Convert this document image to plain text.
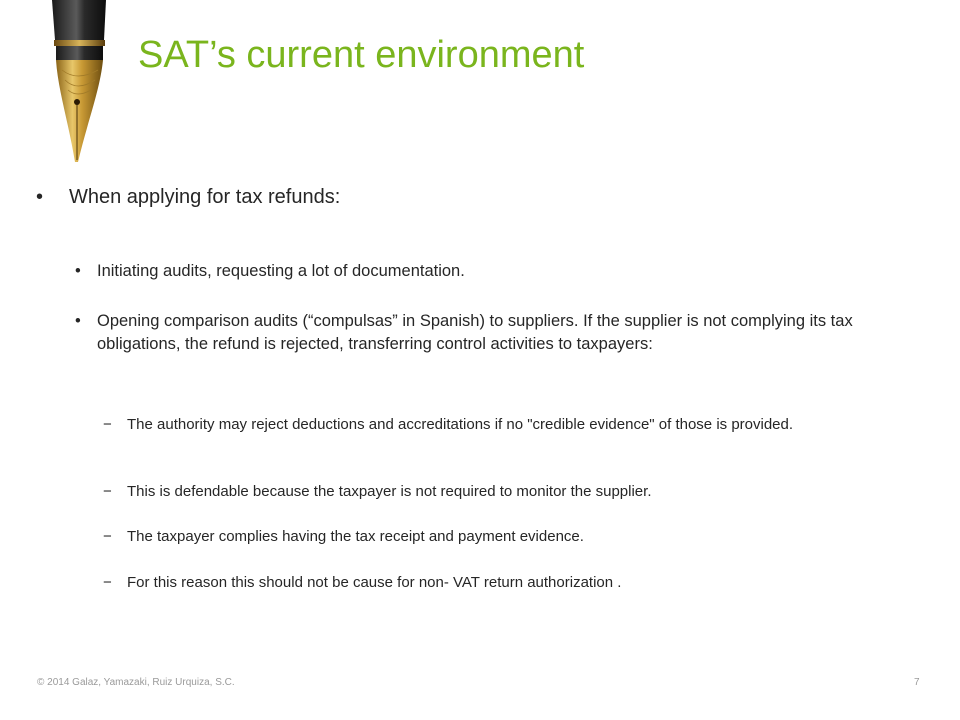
SAT’s current environment
• When applying for tax refunds:
• Initiating audits, requesting a lot of documentation.
• Opening comparison audits (“compulsas” in Spanish) to suppliers. If the supplier is not complying its tax obligations, the refund is rejected, transferring control activities to taxpayers:
− The authority may reject deductions and accreditations if no "credible evidence" of those is provided.
− This is defendable because the taxpayer is not required to monitor the supplier.
− The taxpayer complies having the tax receipt and payment evidence.
− For this reason this should not be cause for non- VAT return authorization .
© 2014 Galaz, Yamazaki, Ruiz Urquiza, S.C.	7
